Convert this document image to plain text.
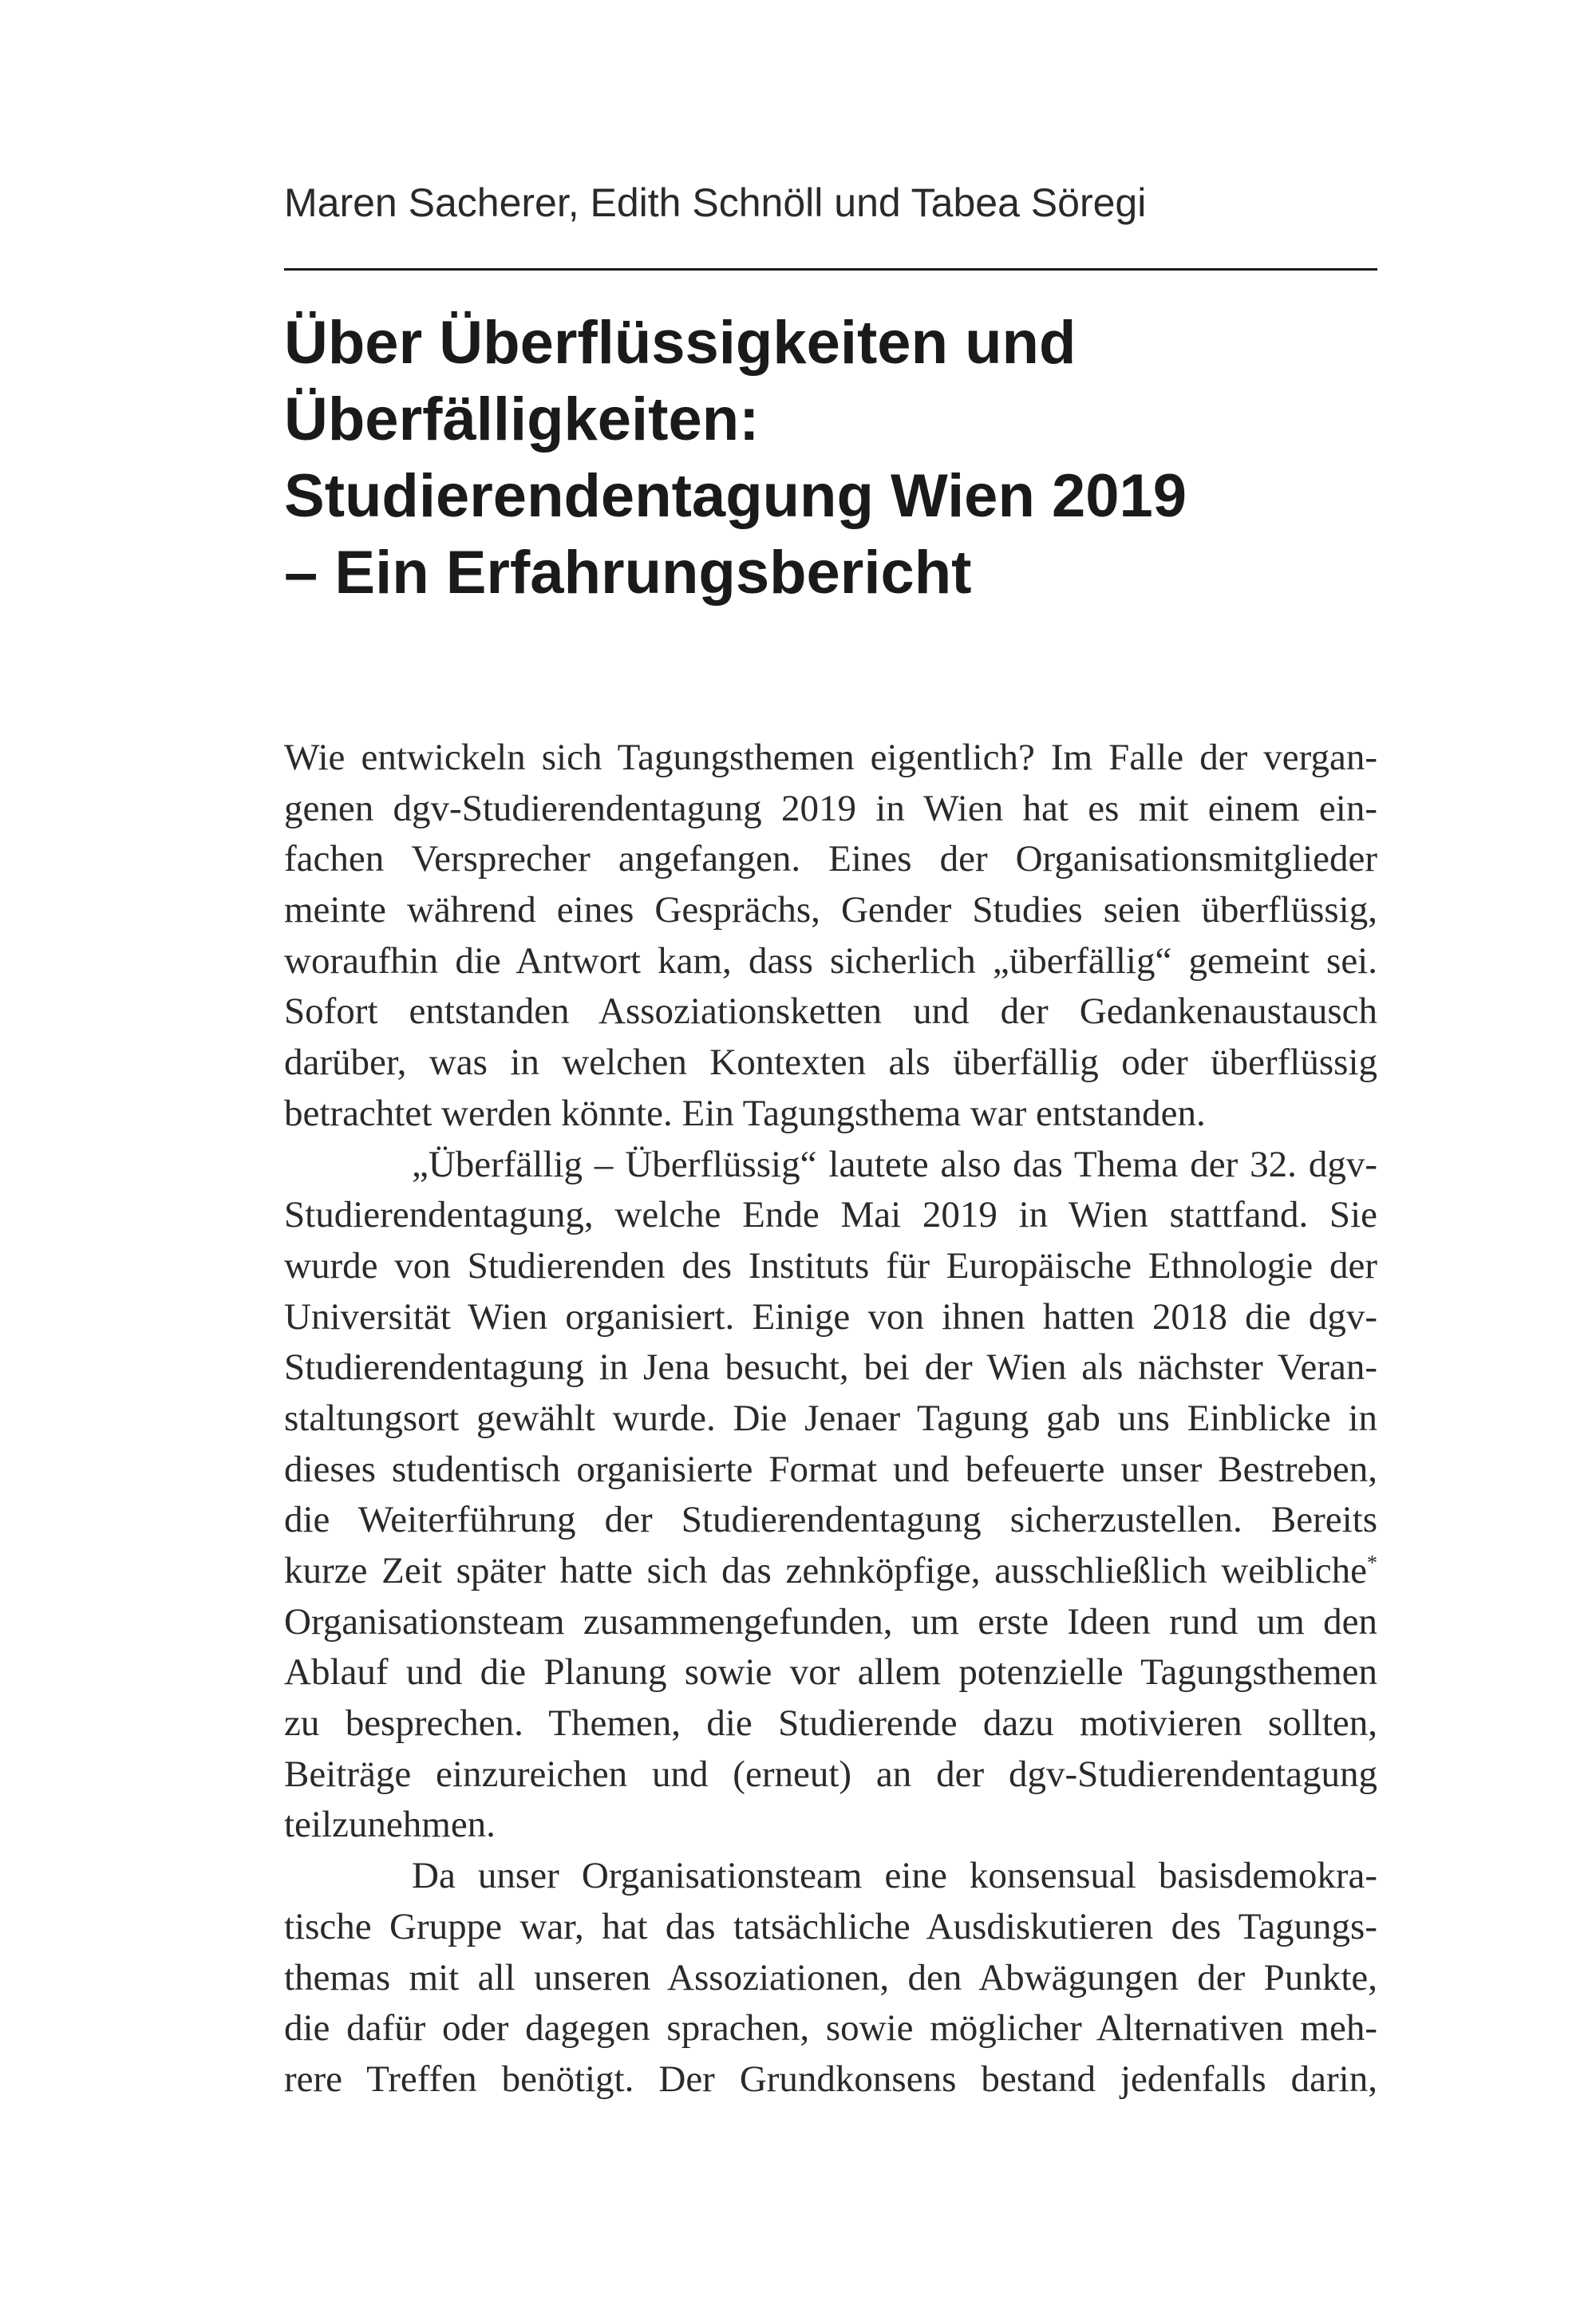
Maren Sacherer, Edith Schnöll und Tabea Söregi
Über Überflüssigkeiten und
Überfälligkeiten:
Studierendentagung Wien 2019
– Ein Erfahrungsbericht
Wie entwickeln sich Tagungsthemen eigentlich? Im Falle der vergan-
genen dgv-Studierendentagung 2019 in Wien hat es mit einem ein-
fachen Versprecher angefangen. Eines der Organisationsmitglieder
meinte während eines Gesprächs, Gender Studies seien überflüssig,
woraufhin die Antwort kam, dass sicherlich „überfällig“ gemeint sei.
Sofort entstanden Assoziationsketten und der Gedankenaustausch
darüber, was in welchen Kontexten als überfällig oder überflüssig
betrachtet werden könnte. Ein Tagungsthema war entstanden.
„Überfällig – Überflüssig“ lautete also das Thema der 32. dgv-
Studierendentagung, welche Ende Mai 2019 in Wien stattfand. Sie
wurde von Studierenden des Instituts für Europäische Ethnologie der
Universität Wien organisiert. Einige von ihnen hatten 2018 die dgv-
Studierendentagung in Jena besucht, bei der Wien als nächster Veran-
staltungsort gewählt wurde. Die Jenaer Tagung gab uns Einblicke in
dieses studentisch organisierte Format und befeuerte unser Bestreben,
die Weiterführung der Studierendentagung sicherzustellen. Bereits
kurze Zeit später hatte sich das zehnköpfige, ausschließlich weibliche*
Organisationsteam zusammengefunden, um erste Ideen rund um den
Ablauf und die Planung sowie vor allem potenzielle Tagungsthemen
zu besprechen. Themen, die Studierende dazu motivieren sollten,
Beiträge einzureichen und (erneut) an der dgv-Studierendentagung
teilzunehmen.
Da unser Organisationsteam eine konsensual basisdemokra-
tische Gruppe war, hat das tatsächliche Ausdiskutieren des Tagungs-
themas mit all unseren Assoziationen, den Abwägungen der Punkte,
die dafür oder dagegen sprachen, sowie möglicher Alternativen meh-
rere Treffen benötigt. Der Grundkonsens bestand jedenfalls darin,
